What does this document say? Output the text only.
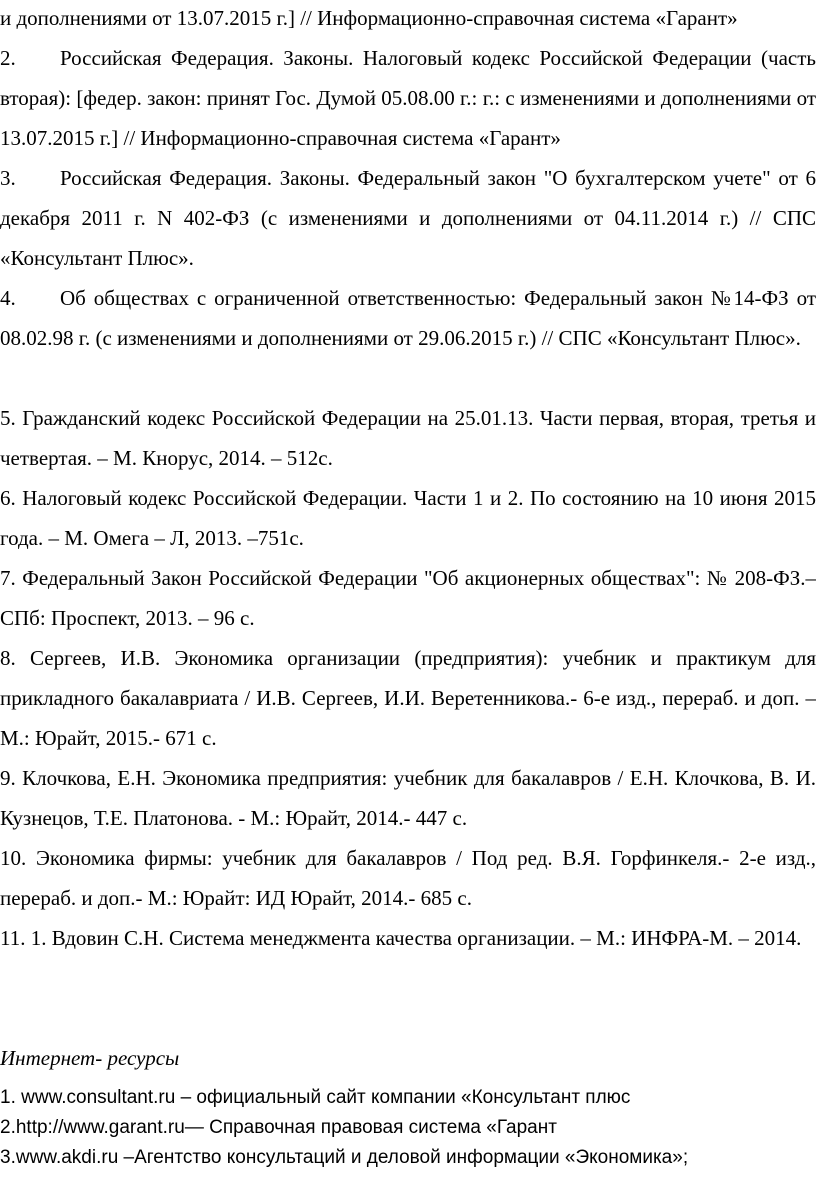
и дополнениями от 13.07.2015 г.] // Информационно-справочная система «Гарант»

2. Российская Федерация. Законы. Налоговый кодекс Российской Федерации (часть вторая): [федер. закон: принят Гос. Думой 05.08.00 г.: г.: с изменениями и дополнениями от 13.07.2015 г.] // Информационно-справочная система «Гарант»

3. Российская Федерация. Законы. Федеральный закон "О бухгалтерском учете" от 6 декабря 2011 г. N 402-ФЗ (с изменениями и дополнениями от 04.11.2014 г.) // СПС «Консультант Плюс».

4. Об обществах с ограниченной ответственностью: Федеральный закон №14-ФЗ от 08.02.98 г. (с изменениями и дополнениями от 29.06.2015 г.) // СПС «Консультант Плюс».

5. Гражданский кодекс Российской Федерации на 25.01.13. Части первая, вторая, третья и четвертая. – М. Кнорус, 2014. – 512с.

6. Налоговый кодекс Российской Федерации. Части 1 и 2. По состоянию на 10 июня 2015 года. – М. Омега – Л, 2013. –751с.

7. Федеральный Закон Российской Федерации "Об акционерных обществах": № 208-ФЗ.– СПб: Проспект, 2013. – 96 с.

8. Сергеев, И.В. Экономика организации (предприятия): учебник и практикум для прикладного бакалавриата / И.В. Сергеев, И.И. Веретенникова.- 6-е изд., перераб. и доп. – М.: Юрайт, 2015.- 671 с.

9. Клочкова, Е.Н. Экономика предприятия: учебник для бакалавров / Е.Н. Клочкова, В. И. Кузнецов, Т.Е. Платонова. - М.: Юрайт, 2014.- 447 с.

10. Экономика фирмы: учебник для бакалавров / Под ред. В.Я. Горфинкеля.- 2-е изд., перераб. и доп.- М.: Юрайт: ИД Юрайт, 2014.- 685 с.

11. 1. Вдовин С.Н. Система менеджмента качества организации. – М.: ИНФРА-М. – 2014.

Интернет- ресурсы

1. www.consultant.ru – официальный сайт компании «Консультант плюс

2.http://www.garant.ru— Справочная правовая система «Гарант

3.www.akdi.ru –Агентство консультаций и деловой информации «Экономика»;
